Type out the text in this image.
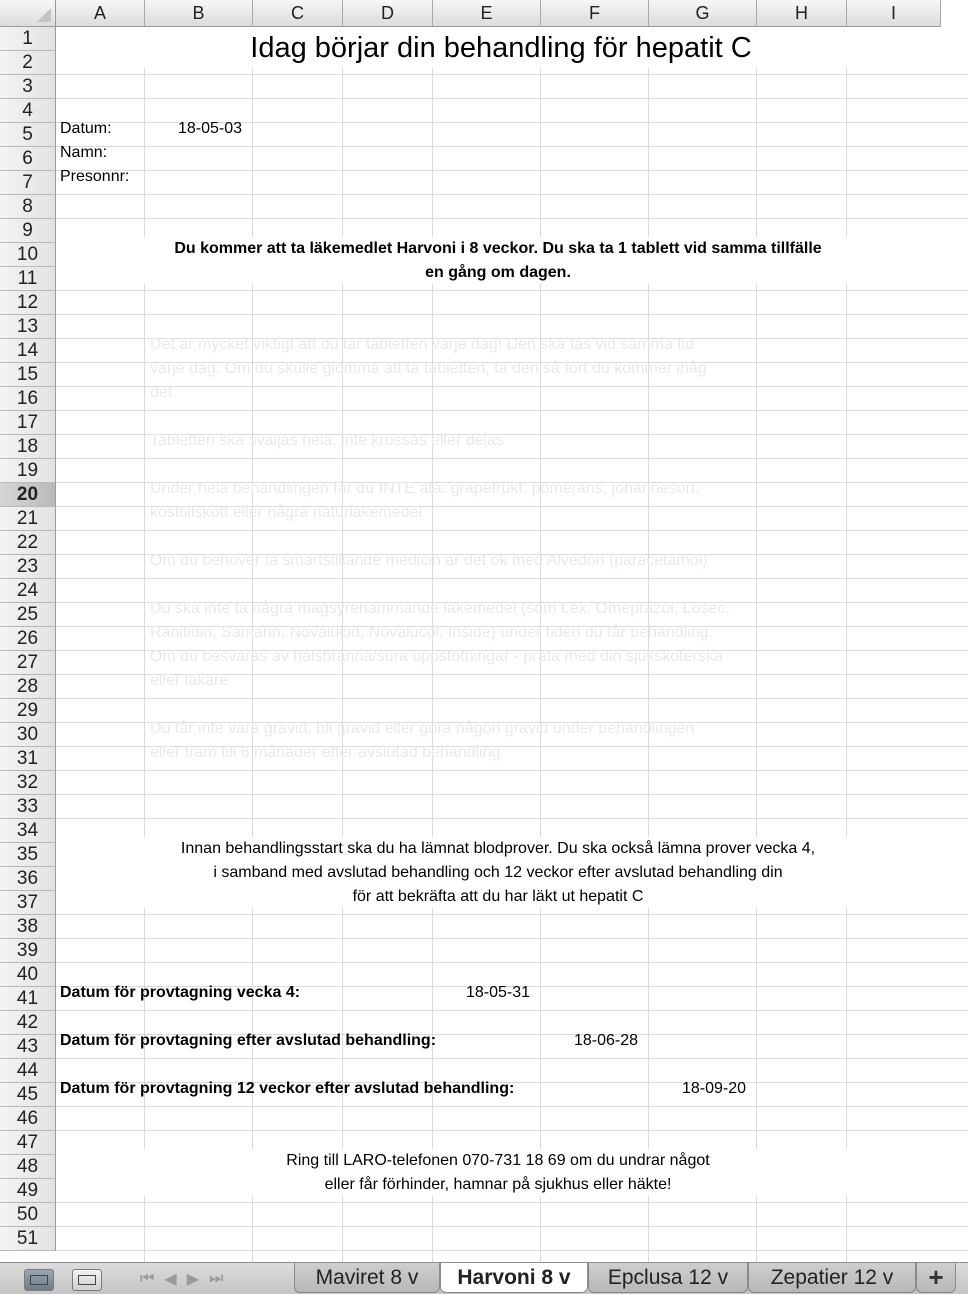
A	B	C	D	E	F	G	H	I
1
2
3
4
5
6
7
8
9
10
11
12
13
14
15
16
17
18
19
20
21
22
23
24
25
26
27
28
29
30
31
32
33
34
35
36
37
38
39
40
41
42
43
44
45
46
47
48
49
50
51
Idag börjar din behandling för hepatit C
Datum:	18-05-03
Namn:
Presonnr:
Du kommer att ta läkemedlet Harvoni i 8 veckor. Du ska ta 1 tablett vid samma tillfälle
en gång om dagen.
Det är mycket viktigt att du tar tabletten varje dag! Den ska tas vid samma tid
varje dag. Om du skulle glömma att ta tabletten, ta den så fort du kommer ihåg
det
Tabletten ska sväljas hela, inte krossas eller delas
Under hela behandlingen får du INTE äta: grapefrukt, pomerans, johannesört,
kosttillskott eller några naturläkemedel
Om du behöver ta smärtstillande medicin är det ok med Alvedon (paracetamol)
Du ska inte ta några magsyrehämmande läkemedel (som t.ex. Omeprazol, Losec,
Ranitidin, Samarin, Novalucid, Novalucol, Inside) under tiden du får behandling.
Om du besväras av halsbränna/sura uppstötningar - prata med din sjuksköterska
eller läkare
Du får inte vara gravid, bli gravid eller göra någon gravid under behandlingen
eller fram till 6 månader efter avslutad behandling
Innan behandlingsstart ska du ha lämnat blodprover. Du ska också lämna prover vecka 4,
i samband med avslutad behandling och 12 veckor efter avslutad behandling din
för att bekräfta att du har läkt ut hepatit C
Datum för provtagning vecka 4:	18-05-31
Datum för provtagning efter avslutad behandling:	18-06-28
Datum för provtagning 12 veckor efter avslutad behandling:	18-09-20
Ring till LARO-telefonen 070-731 18 69 om du undrar något
eller får förhinder, hamnar på sjukhus eller häkte!
⏮ ◀ ▶ ⏭	Maviret 8 v	Harvoni 8 v	Epclusa 12 v	Zepatier 12 v	+
